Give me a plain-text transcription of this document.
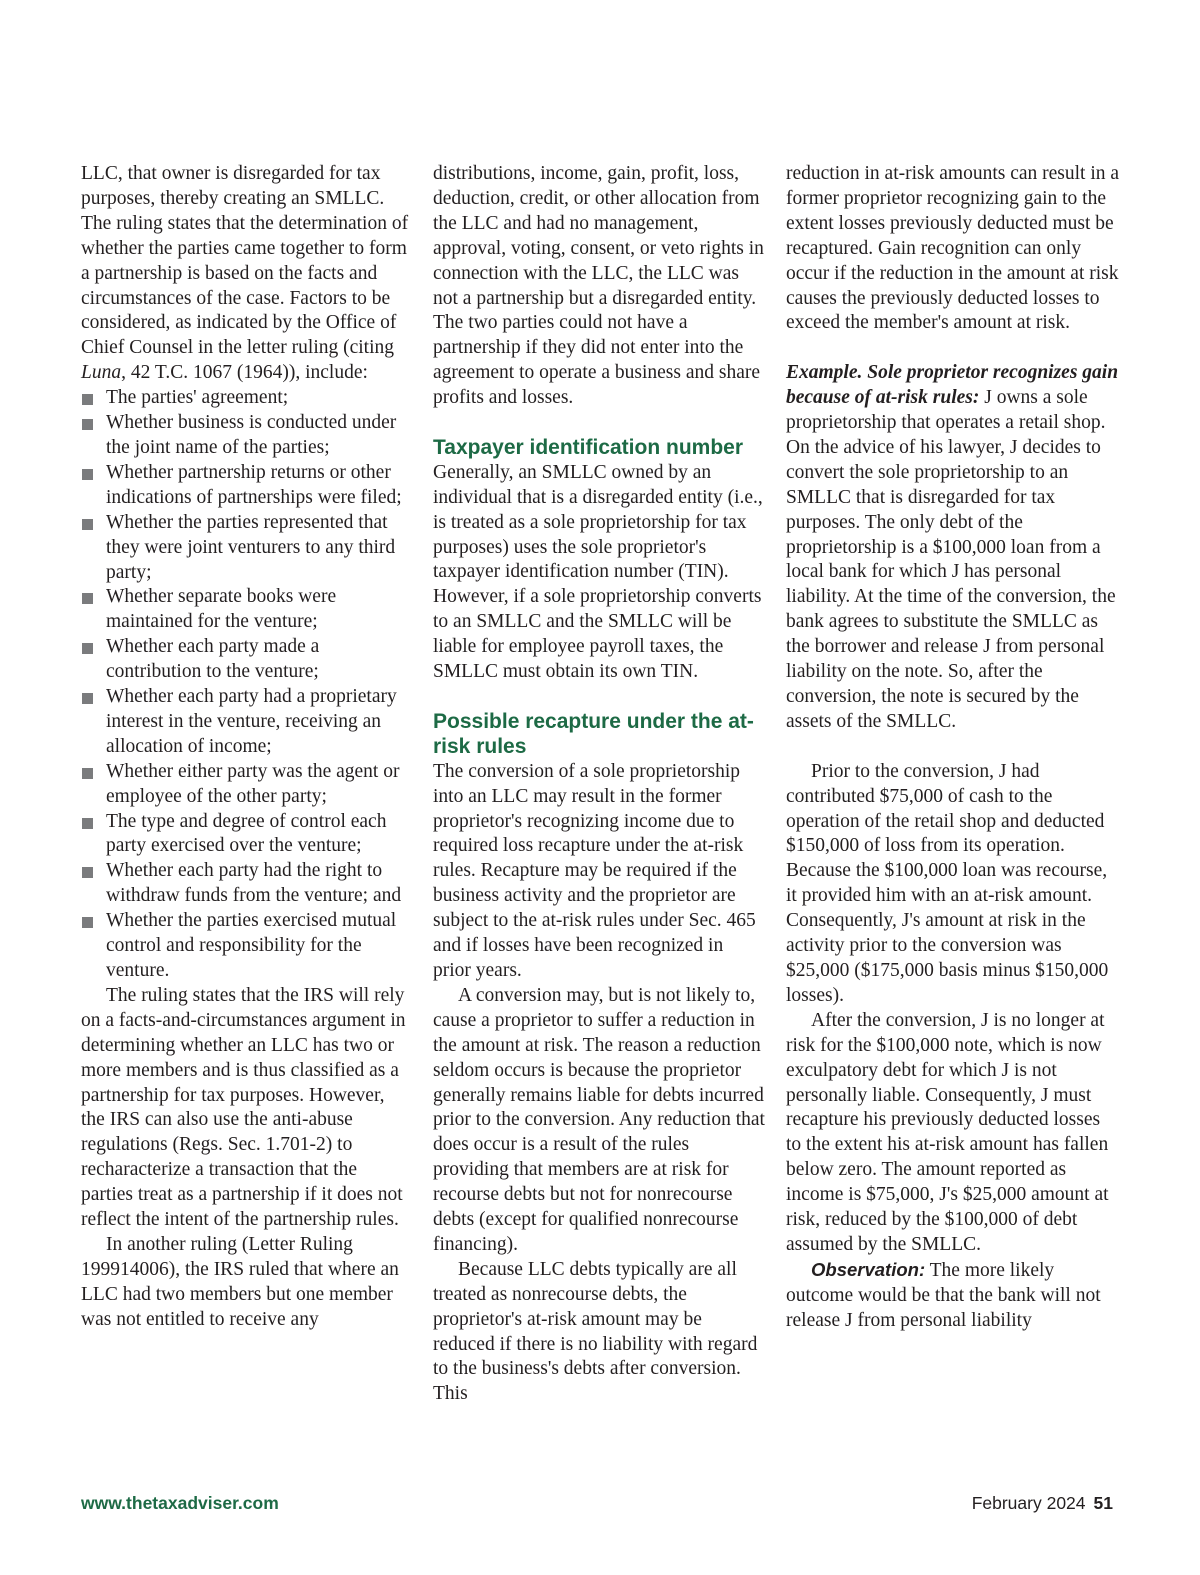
LLC, that owner is disregarded for tax purposes, thereby creating an SMLLC. The ruling states that the determination of whether the parties came together to form a partnership is based on the facts and circumstances of the case. Factors to be considered, as indicated by the Office of Chief Counsel in the letter ruling (citing Luna, 42 T.C. 1067 (1964)), include:

The parties' agreement;
Whether business is conducted under the joint name of the parties;
Whether partnership returns or other indications of partnerships were filed;
Whether the parties represented that they were joint venturers to any third party;
Whether separate books were maintained for the venture;
Whether each party made a contribution to the venture;
Whether each party had a proprietary interest in the venture, receiving an allocation of income;
Whether either party was the agent or employee of the other party;
The type and degree of control each party exercised over the venture;
Whether each party had the right to withdraw funds from the venture; and
Whether the parties exercised mutual control and responsibility for the venture.

The ruling states that the IRS will rely on a facts-and-circumstances argument in determining whether an LLC has two or more members and is thus classified as a partnership for tax purposes. However, the IRS can also use the anti-abuse regulations (Regs. Sec. 1.701-2) to recharacterize a transaction that the parties treat as a partnership if it does not reflect the intent of the partnership rules.

In another ruling (Letter Ruling 199914006), the IRS ruled that where an LLC had two members but one member was not entitled to receive any

distributions, income, gain, profit, loss, deduction, credit, or other allocation from the LLC and had no management, approval, voting, consent, or veto rights in connection with the LLC, the LLC was not a partnership but a disregarded entity. The two parties could not have a partnership if they did not enter into the agreement to operate a business and share profits and losses.

Taxpayer identification number

Generally, an SMLLC owned by an individual that is a disregarded entity (i.e., is treated as a sole proprietorship for tax purposes) uses the sole proprietor's taxpayer identification number (TIN). However, if a sole proprietorship converts to an SMLLC and the SMLLC will be liable for employee payroll taxes, the SMLLC must obtain its own TIN.

Possible recapture under the at-risk rules

The conversion of a sole proprietorship into an LLC may result in the former proprietor's recognizing income due to required loss recapture under the at-risk rules. Recapture may be required if the business activity and the proprietor are subject to the at-risk rules under Sec. 465 and if losses have been recognized in prior years.

A conversion may, but is not likely to, cause a proprietor to suffer a reduction in the amount at risk. The reason a reduction seldom occurs is because the proprietor generally remains liable for debts incurred prior to the conversion. Any reduction that does occur is a result of the rules providing that members are at risk for recourse debts but not for nonrecourse debts (except for qualified nonrecourse financing).

Because LLC debts typically are all treated as nonrecourse debts, the proprietor's at-risk amount may be reduced if there is no liability with regard to the business's debts after conversion. This

reduction in at-risk amounts can result in a former proprietor recognizing gain to the extent losses previously deducted must be recaptured. Gain recognition can only occur if the reduction in the amount at risk causes the previously deducted losses to exceed the member's amount at risk.

Example. Sole proprietor recognizes gain because of at-risk rules: J owns a sole proprietorship that operates a retail shop. On the advice of his lawyer, J decides to convert the sole proprietorship to an SMLLC that is disregarded for tax purposes. The only debt of the proprietorship is a $100,000 loan from a local bank for which J has personal liability. At the time of the conversion, the bank agrees to substitute the SMLLC as the borrower and release J from personal liability on the note. So, after the conversion, the note is secured by the assets of the SMLLC.

Prior to the conversion, J had contributed $75,000 of cash to the operation of the retail shop and deducted $150,000 of loss from its operation. Because the $100,000 loan was recourse, it provided him with an at-risk amount. Consequently, J's amount at risk in the activity prior to the conversion was $25,000 ($175,000 basis minus $150,000 losses).

After the conversion, J is no longer at risk for the $100,000 note, which is now exculpatory debt for which J is not personally liable. Consequently, J must recapture his previously deducted losses to the extent his at-risk amount has fallen below zero. The amount reported as income is $75,000, J's $25,000 amount at risk, reduced by the $100,000 of debt assumed by the SMLLC.

Observation: The more likely outcome would be that the bank will not release J from personal liability

www.thetaxadviser.com	February 2024 51
